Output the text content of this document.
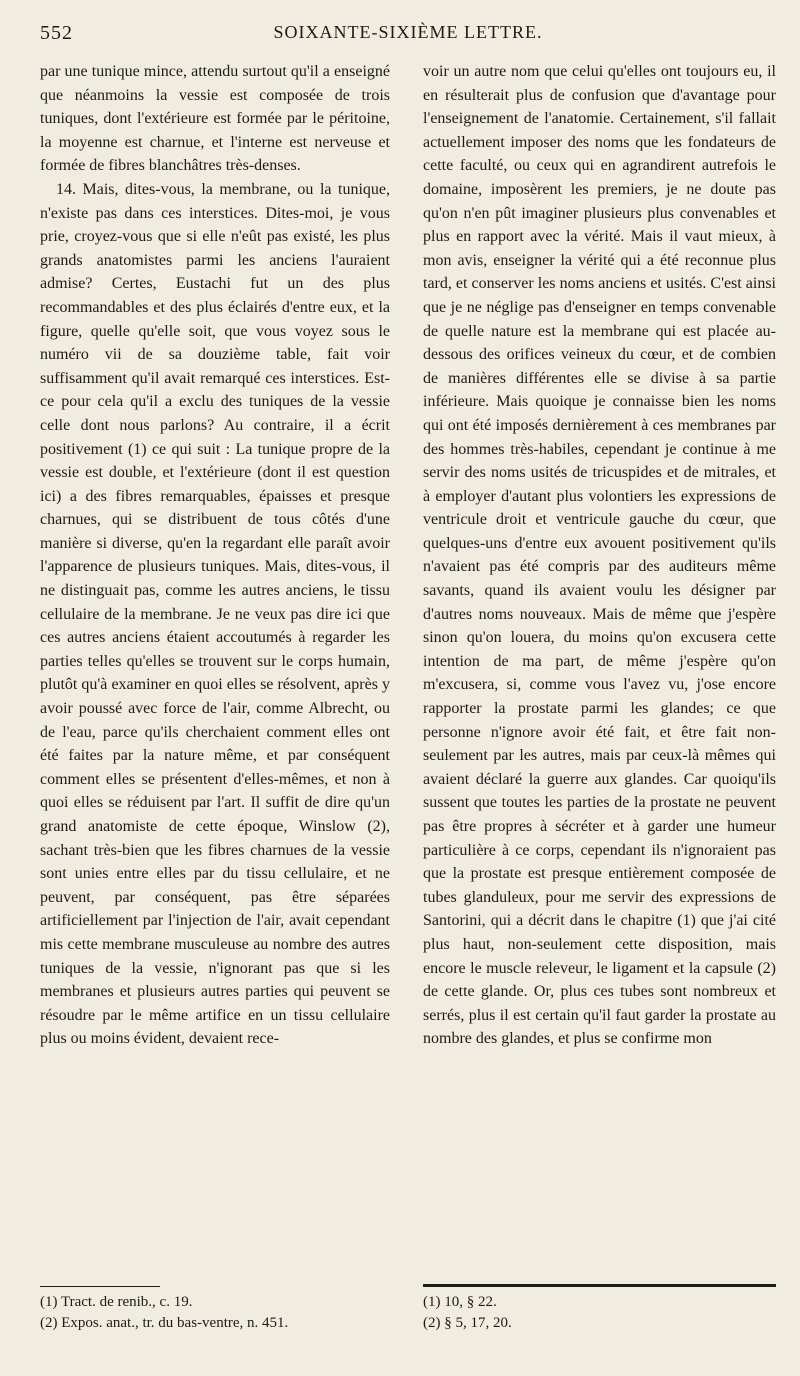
552	SOIXANTE-SIXIÈME LETTRE.

par une tunique mince, attendu surtout qu'il a enseigné que néanmoins la vessie est composée de trois tuniques, dont l'extérieure est formée par le péritoine, la moyenne est charnue, et l'interne est nerveuse et formée de fibres blanchâtres très-denses.

14. Mais, dites-vous, la membrane, ou la tunique, n'existe pas dans ces interstices. Dites-moi, je vous prie, croyez-vous que si elle n'eût pas existé, les plus grands anatomistes parmi les anciens l'auraient admise? Certes, Eustachi fut un des plus recommandables et des plus éclairés d'entre eux, et la figure, quelle qu'elle soit, que vous voyez sous le numéro vii de sa douzième table, fait voir suffisamment qu'il avait remarqué ces interstices. Est-ce pour cela qu'il a exclu des tuniques de la vessie celle dont nous parlons? Au contraire, il a écrit positivement (1) ce qui suit : La tunique propre de la vessie est double, et l'extérieure (dont il est question ici) a des fibres remarquables, épaisses et presque charnues, qui se distribuent de tous côtés d'une manière si diverse, qu'en la regardant elle paraît avoir l'apparence de plusieurs tuniques. Mais, dites-vous, il ne distinguait pas, comme les autres anciens, le tissu cellulaire de la membrane. Je ne veux pas dire ici que ces autres anciens étaient accoutumés à regarder les parties telles qu'elles se trouvent sur le corps humain, plutôt qu'à examiner en quoi elles se résolvent, après y avoir poussé avec force de l'air, comme Albrecht, ou de l'eau, parce qu'ils cherchaient comment elles ont été faites par la nature même, et par conséquent comment elles se présentent d'elles-mêmes, et non à quoi elles se réduisent par l'art. Il suffit de dire qu'un grand anatomiste de cette époque, Winslow (2), sachant très-bien que les fibres charnues de la vessie sont unies entre elles par du tissu cellulaire, et ne peuvent, par conséquent, pas être séparées artificiellement par l'injection de l'air, avait cependant mis cette membrane musculeuse au nombre des autres tuniques de la vessie, n'ignorant pas que si les membranes et plusieurs autres parties qui peuvent se résoudre par le même artifice en un tissu cellulaire plus ou moins évident, devaient rece-

voir un autre nom que celui qu'elles ont toujours eu, il en résulterait plus de confusion que d'avantage pour l'enseignement de l'anatomie. Certainement, s'il fallait actuellement imposer des noms que les fondateurs de cette faculté, ou ceux qui en agrandirent autrefois le domaine, imposèrent les premiers, je ne doute pas qu'on n'en pût imaginer plusieurs plus convenables et plus en rapport avec la vérité. Mais il vaut mieux, à mon avis, enseigner la vérité qui a été reconnue plus tard, et conserver les noms anciens et usités. C'est ainsi que je ne néglige pas d'enseigner en temps convenable de quelle nature est la membrane qui est placée au-dessous des orifices veineux du cœur, et de combien de manières différentes elle se divise à sa partie inférieure. Mais quoique je connaisse bien les noms qui ont été imposés dernièrement à ces membranes par des hommes très-habiles, cependant je continue à me servir des noms usités de tricuspides et de mitrales, et à employer d'autant plus volontiers les expressions de ventricule droit et ventricule gauche du cœur, que quelques-uns d'entre eux avouent positivement qu'ils n'avaient pas été compris par des auditeurs même savants, quand ils avaient voulu les désigner par d'autres noms nouveaux. Mais de même que j'espère sinon qu'on louera, du moins qu'on excusera cette intention de ma part, de même j'espère qu'on m'excusera, si, comme vous l'avez vu, j'ose encore rapporter la prostate parmi les glandes; ce que personne n'ignore avoir été fait, et être fait non-seulement par les autres, mais par ceux-là mêmes qui avaient déclaré la guerre aux glandes. Car quoiqu'ils sussent que toutes les parties de la prostate ne peuvent pas être propres à sécréter et à garder une humeur particulière à ce corps, cependant ils n'ignoraient pas que la prostate est presque entièrement composée de tubes glanduleux, pour me servir des expressions de Santorini, qui a décrit dans le chapitre (1) que j'ai cité plus haut, non-seulement cette disposition, mais encore le muscle releveur, le ligament et la capsule (2) de cette glande. Or, plus ces tubes sont nombreux et serrés, plus il est certain qu'il faut garder la prostate au nombre des glandes, et plus se confirme mon

(1) Tract. de renib., c. 19.

(2) Expos. anat., tr. du bas-ventre, n. 451.

(1) 10, § 22.

(2) § 5, 17, 20.
